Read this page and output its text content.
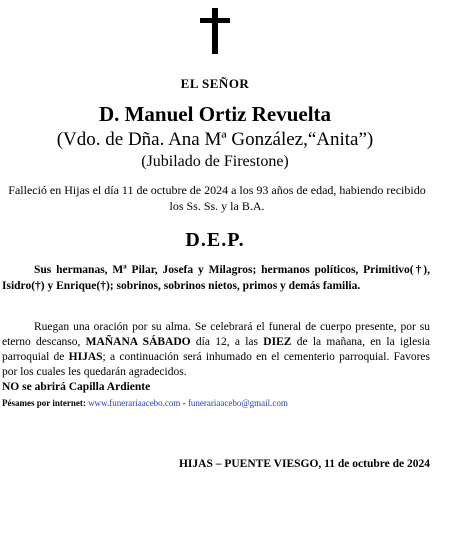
EL SEÑOR
D. Manuel Ortiz Revuelta
(Vdo. de Dña. Ana Mª González,“Anita”)
(Jubilado de Firestone)
Falleció en Hijas el día 11 de octubre de 2024 a los 93 años de edad, habiendo recibido los Ss. Ss. y la B.A.
D.E.P.
Sus hermanas, Mª Pilar, Josefa y Milagros; hermanos políticos, Primitivo(†), Isidro(†) y Enrique(†); sobrinos, sobrinos nietos, primos y demás familia.
Ruegan una oración por su alma. Se celebrará el funeral de cuerpo presente, por su eterno descanso, MAÑANA SÁBADO día 12, a las DIEZ de la mañana, en la iglesia parroquial de HIJAS; a continuación será inhumado en el cementerio parroquial. Favores por los cuales les quedarán agradecidos.
NO se abrirá Capilla Ardiente
Pésames por internet: www.funerariaacebo.com - funerariaacebo@gmail.com
HIJAS – PUENTE VIESGO, 11 de octubre de 2024
